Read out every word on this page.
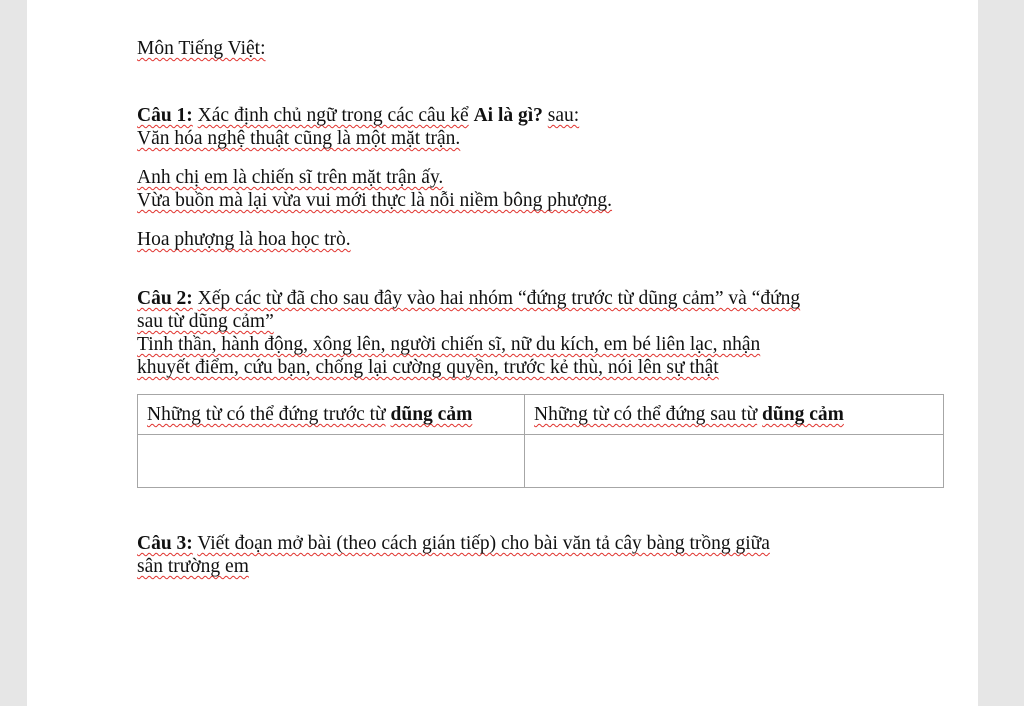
Môn Tiếng Việt:

Câu 1: Xác định chủ ngữ trong các câu kể Ai là gì? sau:

Văn hóa nghệ thuật cũng là một mặt trận.

Anh chị em là chiến sĩ trên mặt trận ấy.

Vừa buồn mà lại vừa vui mới thực là nỗi niềm bông phượng.

Hoa phượng là hoa học trò.

Câu 2: Xếp các từ đã cho sau đây vào hai nhóm “đứng trước từ dũng cảm” và “đứng

sau từ dũng cảm”

Tinh thần, hành động, xông lên, người chiến sĩ, nữ du kích, em bé liên lạc, nhận

khuyết điểm, cứu bạn, chống lại cường quyền, trước kẻ thù, nói lên sự thật

Những từ có thể đứng trước từ dũng cảm	Những từ có thể đứng sau từ dũng cảm

Câu 3: Viết đoạn mở bài (theo cách gián tiếp) cho bài văn tả cây bàng trồng giữa

sân trường em
